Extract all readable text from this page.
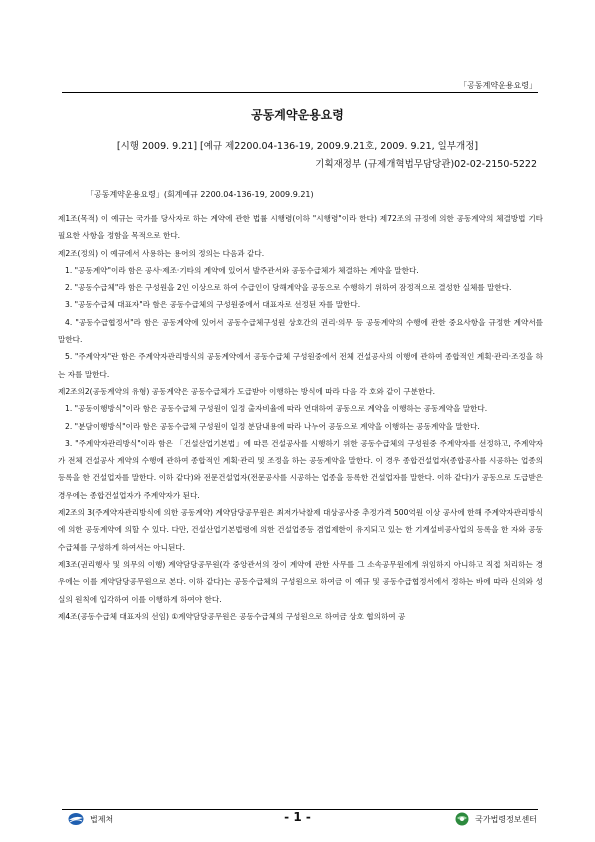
「공동계약운용요령」
공동계약운용요령
[시행 2009. 9.21] [예규 제2200.04-136-19, 2009.9.21호, 2009. 9.21, 일부개정]
기획재정부 (규제개혁법무담당관)02-02-2150-5222
「공동계약운용요령」(회계예규 2200.04-136-19, 2009.9.21)

제1조(목적) 이 예규는 국가를 당사자로 하는 계약에 관한 법률 시행령(이하 "시행령"이라 한다) 제72조의 규정에 의한 공동계약의 체결방법 기타 필요한 사항을 정함을 목적으로 한다.

제2조(정의) 이 예규에서 사용하는 용어의 정의는 다음과 같다.

1. "공동계약"이라 함은 공사·제조·기타의 계약에 있어서 발주관서와 공동수급체가 체결하는 계약을 말한다.

2. "공동수급체"라 함은 구성원을 2인 이상으로 하여 수급인이 당해계약을 공동으로 수행하기 위하여 잠정적으로 결성한 실체를 말한다.

3. "공동수급체 대표자"라 함은 공동수급체의 구성원중에서 대표자로 선정된 자를 말한다.

4. "공동수급협정서"라 함은 공동계약에 있어서 공동수급체구성원 상호간의 권리·의무 등 공동계약의 수행에 관한 중요사항을 규정한 계약서를 말한다.

5. "주계약자"란 함은 주계약자관리방식의 공동계약에서 공동수급체 구성원중에서 전체 건설공사의 이행에 관하여 종합적인 계획·관리·조정을 하는 자를 말한다.

제2조의2(공동계약의 유형) 공동계약은 공동수급체가 도급받아 이행하는 방식에 따라 다음 각 호와 같이 구분한다.

1. "공동이행방식"이라 함은 공동수급체 구성원이 일정 출자비율에 따라 연대하여 공동으로 계약을 이행하는 공동계약을 말한다.

2. "분담이행방식"이라 함은 공동수급체 구성원이 일정 분담내용에 따라 나누어 공동으로 계약을 이행하는 공동계약을 말한다.

3. "주계약자관리방식"이라 함은 「건설산업기본법」에 따른 건설공사를 시행하기 위한 공동수급체의 구성원중 주계약자를 선정하고, 주계약자가 전체 건설공사 계약의 수행에 관하여 종합적인 계획·관리 및 조정을 하는 공동계약을 말한다. 이 경우 종합건설업자(종합공사를 시공하는 업종의 등록을 한 건설업자를 말한다. 이하 같다)와 전문건설업자(전문공사를 시공하는 업종을 등록한 건설업자를 말한다. 이하 같다)가 공동으로 도급받은 경우에는 종합건설업자가 주계약자가 된다.

제2조의 3(주계약자관리방식에 의한 공동계약) 계약담당공무원은 최저가낙찰제 대상공사중 추정가격 500억원 이상 공사에 한해 주계약자관리방식에 의한 공동계약에 의할 수 있다. 다만, 건설산업기본법령에 의한 건설업종등 겸업제한이 유지되고 있는 한 기계설비공사업의 등록을 한 자와 공동수급체를 구성하게 하여서는 아니된다.

제3조(권리행사 및 의무의 이행) 계약담당공무원(각 중앙관서의 장이 계약에 관한 사무를 그 소속공무원에게 위임하지 아니하고 직접 처리하는 경우에는 이를 계약담당공무원으로 본다. 이하 같다)는 공동수급체의 구성원으로 하여금 이 예규 및 공동수급협정서에서 정하는 바에 따라 신의와 성실의 원칙에 입각하여 이를 이행하게 하여야 한다.

제4조(공동수급체 대표자의 선임) ①계약담당공무원은 공동수급체의 구성원으로 하여금 상호 협의하여 공

법제처	- 1 -	국가법령정보센터
